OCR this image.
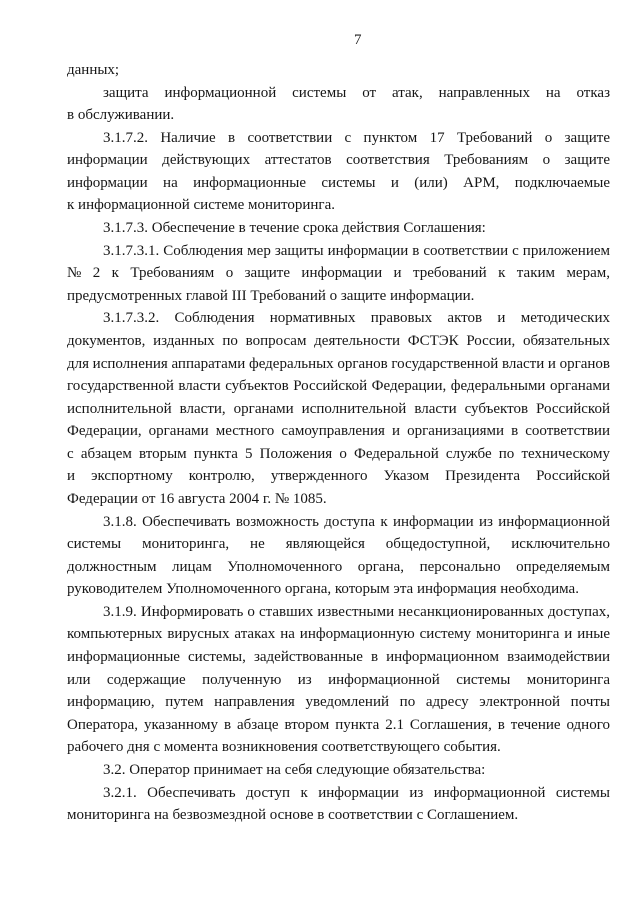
7
данных;
защита информационной системы от атак, направленных на отказ
в обслуживании.
3.1.7.2. Наличие в соответствии с пунктом 17 Требований о защите
информации действующих аттестатов соответствия Требованиям о защите
информации на информационные системы и (или) АРМ, подключаемые
к информационной системе мониторинга.
3.1.7.3. Обеспечение в течение срока действия Соглашения:
3.1.7.3.1. Соблюдения мер защиты информации в соответствии с приложением
№ 2 к Требованиям о защите информации и требований к таким мерам,
предусмотренных главой III Требований о защите информации.
3.1.7.3.2. Соблюдения нормативных правовых актов и методических
документов, изданных по вопросам деятельности ФСТЭК России, обязательных
для исполнения аппаратами федеральных органов государственной власти и органов
государственной власти субъектов Российской Федерации, федеральными органами
исполнительной власти, органами исполнительной власти субъектов Российской
Федерации, органами местного самоуправления и организациями в соответствии
с абзацем вторым пункта 5 Положения о Федеральной службе по техническому
и экспортному контролю, утвержденного Указом Президента Российской
Федерации от 16 августа 2004 г. № 1085.
3.1.8. Обеспечивать возможность доступа к информации из информационной
системы мониторинга, не являющейся общедоступной, исключительно
должностным лицам Уполномоченного органа, персонально определяемым
руководителем Уполномоченного органа, которым эта информация необходима.
3.1.9. Информировать о ставших известными несанкционированных доступах,
компьютерных вирусных атаках на информационную систему мониторинга и иные
информационные системы, задействованные в информационном взаимодействии
или содержащие полученную из информационной системы мониторинга
информацию, путем направления уведомлений по адресу электронной почты
Оператора, указанному в абзаце втором пункта 2.1 Соглашения, в течение одного
рабочего дня с момента возникновения соответствующего события.
3.2. Оператор принимает на себя следующие обязательства:
3.2.1. Обеспечивать доступ к информации из информационной системы
мониторинга на безвозмездной основе в соответствии с Соглашением.
